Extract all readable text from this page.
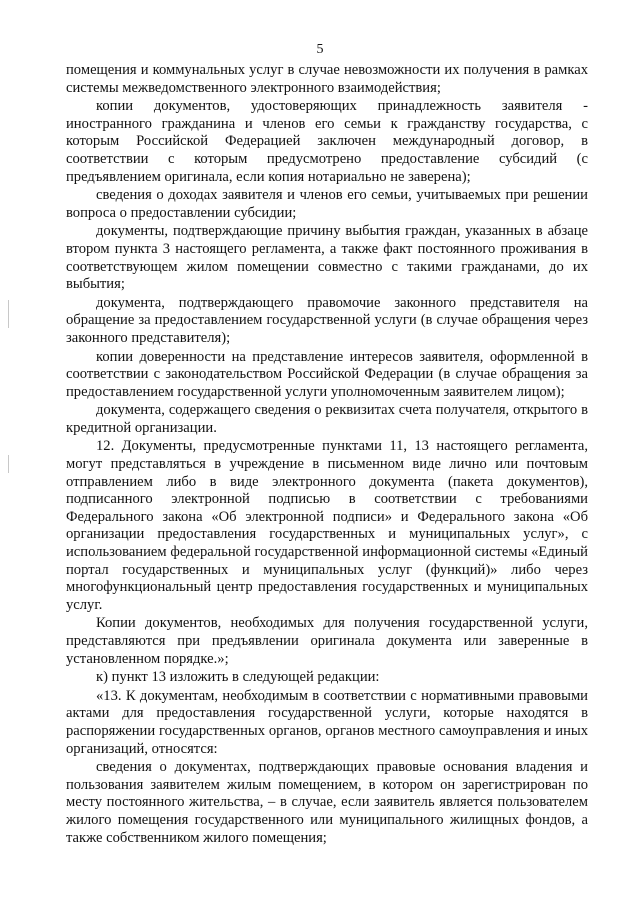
5

помещения и коммунальных услуг в случае невозможности их получения в рамках системы межведомственного электронного взаимодействия;

копии документов, удостоверяющих принадлежность заявителя - иностранного гражданина и членов его семьи к гражданству государства, с которым Российской Федерацией заключен международный договор, в соответствии с которым предусмотрено предоставление субсидий (с предъявлением оригинала, если копия нотариально не заверена);

сведения о доходах заявителя и членов его семьи, учитываемых при решении вопроса о предоставлении субсидии;

документы, подтверждающие причину выбытия граждан, указанных в абзаце втором пункта 3 настоящего регламента, а также факт постоянного проживания в соответствующем жилом помещении совместно с такими гражданами, до их выбытия;

документа, подтверждающего правомочие законного представителя на обращение за предоставлением государственной услуги (в случае обращения через законного представителя);

копии доверенности на представление интересов заявителя, оформленной в соответствии с законодательством Российской Федерации (в случае обращения за предоставлением государственной услуги уполномоченным заявителем лицом);

документа, содержащего сведения о реквизитах счета получателя, открытого в кредитной организации.

12. Документы, предусмотренные пунктами 11, 13 настоящего регламента, могут представляться в учреждение в письменном виде лично или почтовым отправлением либо в виде электронного документа (пакета документов), подписанного электронной подписью в соответствии с требованиями Федерального закона «Об электронной подписи» и Федерального закона «Об организации предоставления государственных и муниципальных услуг», с использованием федеральной государственной информационной системы «Единый портал государственных и муниципальных услуг (функций)» либо через многофункциональный центр предоставления государственных и муниципальных услуг.

Копии документов, необходимых для получения государственной услуги, представляются при предъявлении оригинала документа или заверенные в установленном порядке.»;

к) пункт 13 изложить в следующей редакции:

«13. К документам, необходимым в соответствии с нормативными правовыми актами для предоставления государственной услуги, которые находятся в распоряжении государственных органов, органов местного самоуправления и иных организаций, относятся:

сведения о документах, подтверждающих правовые основания владения и пользования заявителем жилым помещением, в котором он зарегистрирован по месту постоянного жительства, – в случае, если заявитель является пользователем жилого помещения государственного или муниципального жилищных фондов, а также собственником жилого помещения;
